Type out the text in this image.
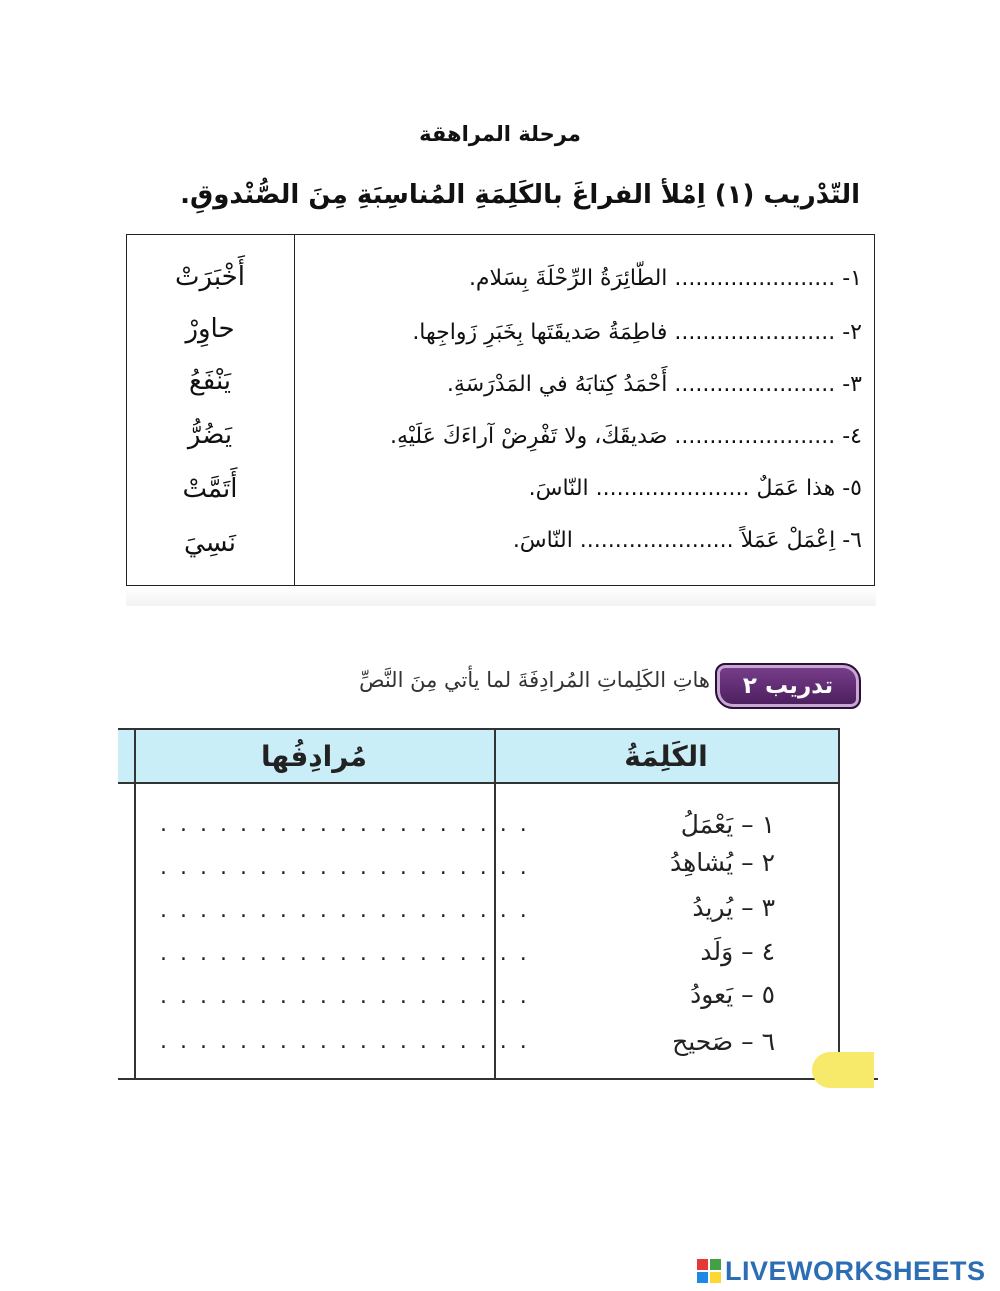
مرحلة المراهقة
التّدْريب (١) اِمْلأ الفراغَ بالكَلِمَةِ المُناسِبَةِ مِنَ الصُّنْدوقِ.
١- ....................... الطّائِرَةُ الرِّحْلَةَ بِسَلام.
٢- ....................... فاطِمَةُ صَديقَتَها بِخَبَرِ زَواجِها.
٣- ....................... أَحْمَدُ كِتابَهُ في المَدْرَسَةِ.
٤- ....................... صَديقَكَ، ولا تَفْرِضْ آراءَكَ عَلَيْهِ.
٥- هذا عَمَلٌ ...................... النّاسَ.
٦- اِعْمَلْ عَمَلاً ...................... النّاسَ.
أَخْبَرَتْ
حاوِرْ
يَنْفَعُ
يَضُرُّ
أَتَمَّتْ
نَسِيَ
تدريب ٢
هاتِ الكَلِماتِ المُرادِفَةَ لما يأتي مِنَ النَّصِّ
الكَلِمَةُ
مُرادِفُها
١ – يَعْمَلُ
٢ – يُشاهِدُ
٣ – يُريدُ
٤ – وَلَد
٥ – يَعودُ
٦ – صَحيح
. . . . . . . . . . . . . . . . . . .
. . . . . . . . . . . . . . . . . . .
. . . . . . . . . . . . . . . . . . .
. . . . . . . . . . . . . . . . . . .
. . . . . . . . . . . . . . . . . . .
. . . . . . . . . . . . . . . . . . .
LIVEWORKSHEETS
